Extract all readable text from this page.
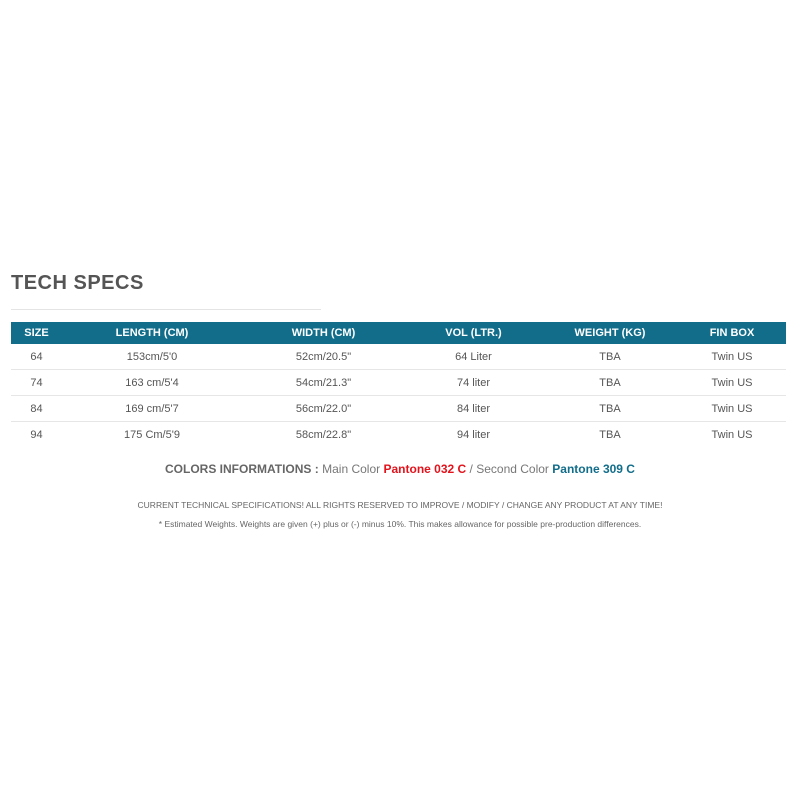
TECH SPECS
SIZE	LENGTH (CM)	WIDTH (CM)	VOL (LTR.)	WEIGHT (KG)	FIN BOX
64	153cm/5'0	52cm/20.5"	64 Liter	TBA	Twin US
74	163 cm/5'4	54cm/21.3"	74 liter	TBA	Twin US
84	169 cm/5'7	56cm/22.0"	84 liter	TBA	Twin US
94	175 Cm/5'9	58cm/22.8"	94 liter	TBA	Twin US
COLORS INFORMATIONS : Main Color Pantone 032 C / Second Color Pantone 309 C
CURRENT TECHNICAL SPECIFICATIONS! ALL RIGHTS RESERVED TO IMPROVE / MODIFY / CHANGE ANY PRODUCT AT ANY TIME!
* Estimated Weights. Weights are given (+) plus or (-) minus 10%. This makes allowance for possible pre-production differences.
